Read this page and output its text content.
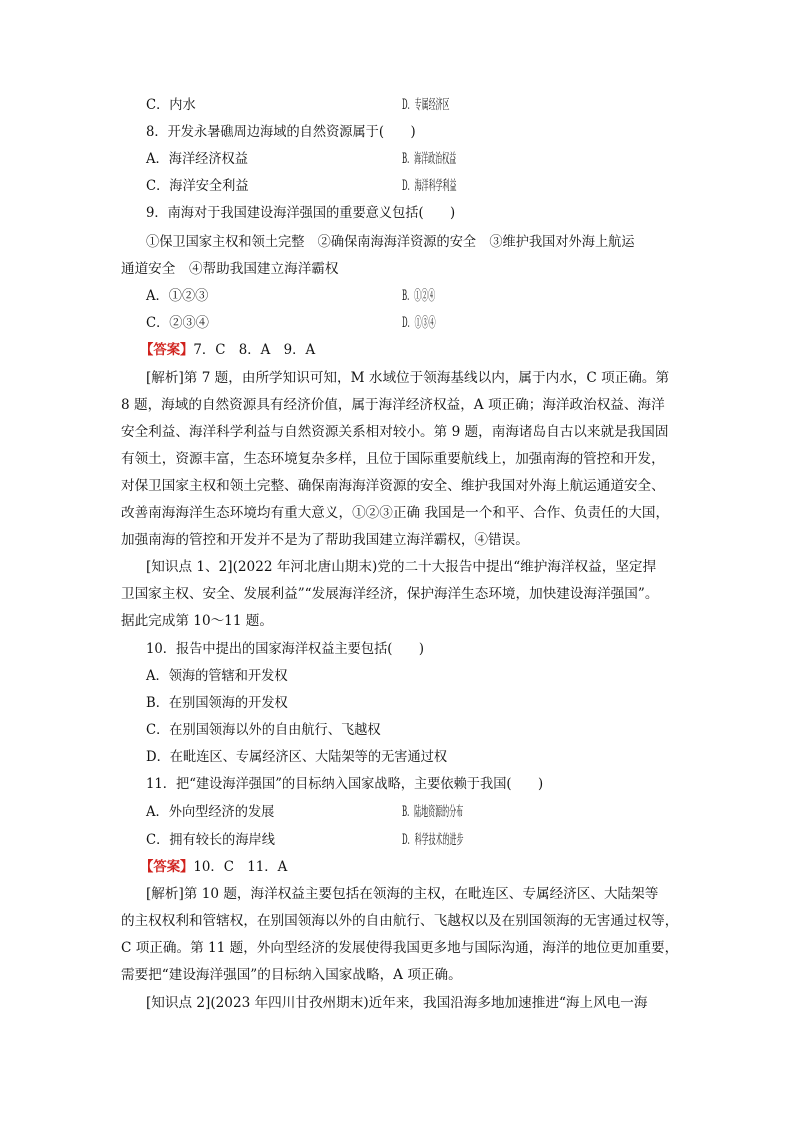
C．内水	D．专属经济区
8．开发永暑礁周边海域的自然资源属于(　　)
A．海洋经济权益	B．海洋政治权益
C．海洋安全利益	D．海洋科学利益
9．南海对于我国建设海洋强国的重要意义包括(　　)
①保卫国家主权和领土完整　②确保南海海洋资源的安全　③维护我国对外海上航运
通道安全　④帮助我国建立海洋霸权
A．①②③	B．①②④
C．②③④	D．①③④
【答案】7．C　8．A　9．A
[解析]第 7 题，由所学知识可知，M 水域位于领海基线以内，属于内水，C 项正确。第
8 题，海域的自然资源具有经济价值，属于海洋经济权益，A 项正确；海洋政治权益、海洋
安全利益、海洋科学利益与自然资源关系相对较小。第 9 题，南海诸岛自古以来就是我国固
有领土，资源丰富，生态环境复杂多样，且位于国际重要航线上，加强南海的管控和开发，
对保卫国家主权和领土完整、确保南海海洋资源的安全、维护我国对外海上航运通道安全、
改善南海海洋生态环境均有重大意义，①②③正确 我国是一个和平、合作、负责任的大国，
加强南海的管控和开发并不是为了帮助我国建立海洋霸权，④错误。
[知识点 1、2](2022 年河北唐山期末)党的二十大报告中提出“维护海洋权益，坚定捍
卫国家主权、安全、发展利益”“发展海洋经济，保护海洋生态环境，加快建设海洋强国”。
据此完成第 10～11 题。
10．报告中提出的国家海洋权益主要包括(　　)
A．领海的管辖和开发权
B．在别国领海的开发权
C．在别国领海以外的自由航行、飞越权
D．在毗连区、专属经济区、大陆架等的无害通过权
11．把“建设海洋强国”的目标纳入国家战略，主要依赖于我国(　　)
A．外向型经济的发展	B．陆地资源的分布
C．拥有较长的海岸线	D．科学技术的进步
【答案】10．C　11．A
[解析]第 10 题，海洋权益主要包括在领海的主权，在毗连区、专属经济区、大陆架等
的主权权利和管辖权，在别国领海以外的自由航行、飞越权以及在别国领海的无害通过权等，
C 项正确。第 11 题，外向型经济的发展使得我国更多地与国际沟通，海洋的地位更加重要，
需要把“建设海洋强国”的目标纳入国家战略，A 项正确。
[知识点 2](2023 年四川甘孜州期末)近年来，我国沿海多地加速推进“海上风电一海
